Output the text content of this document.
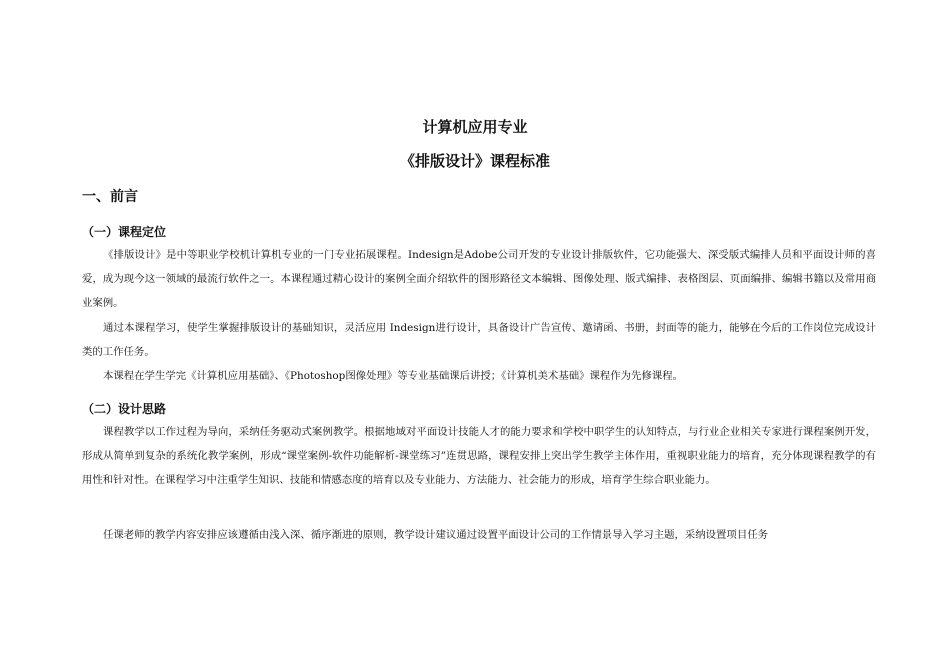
计算机应用专业
《排版设计》课程标准
一、前言
（一）课程定位

《排版设计》是中等职业学校机计算机专业的一门专业拓展课程。Indesign是Adobe公司开发的专业设计排版软件，它功能强大、深受版式编排人员和平面设计师的喜爱，成为现今这一领域的最流行软件之一。本课程通过精心设计的案例全面介绍软件的图形路径文本编辑、图像处理、版式编排、表格图层、页面编排、编辑书籍以及常用商业案例。

通过本课程学习，使学生掌握排版设计的基础知识，灵活应用 Indesign进行设计，具备设计广告宣传、邀请函、书册，封面等的能力，能够在今后的工作岗位完成设计类的工作任务。

本课程在学生学完《计算机应用基础》、《Photoshop图像处理》等专业基础课后讲授；《计算机美术基础》课程作为先修课程。

（二）设计思路

课程教学以工作过程为导向，采纳任务驱动式案例教学。根据地域对平面设计技能人才的能力要求和学校中职学生的认知特点，与行业企业相关专家进行课程案例开发，形成从简单到复杂的系统化教学案例，形成“课堂案例-软件功能解析-课堂练习”连贯思路，课程安排上突出学生教学主体作用，重视职业能力的培育，充分体现课程教学的有用性和针对性。在课程学习中注重学生知识、技能和情感态度的培育以及专业能力、方法能力、社会能力的形成，培育学生综合职业能力。

任课老师的教学内容安排应该遵循由浅入深、循序渐进的原则，教学设计建议通过设置平面设计公司的工作情景导入学习主题，采纳设置项目任务
